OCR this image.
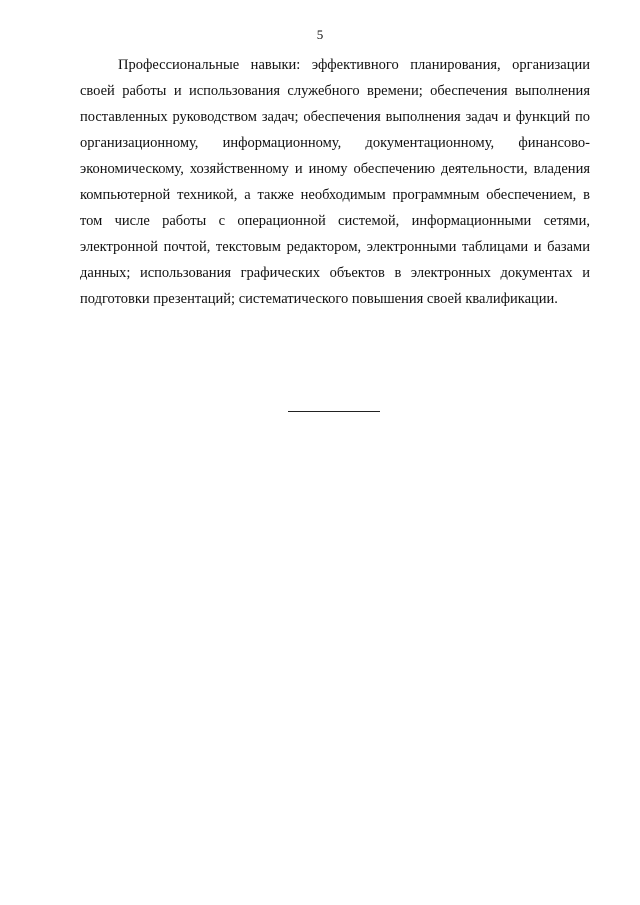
5

Профессиональные навыки: эффективного планирования, организации своей работы и использования служебного времени; обеспечения выполнения поставленных руководством задач; обеспечения выполнения задач и функций по организационному, информационному, документационному, финансово-экономическому, хозяйственному и иному обеспечению деятельности, владения компьютерной техникой, а также необходимым программным обеспечением, в том числе работы с операционной системой, информационными сетями, электронной почтой, текстовым редактором, электронными таблицами и базами данных; использования графических объектов в электронных документах и подготовки презентаций; систематического повышения своей квалификации.
